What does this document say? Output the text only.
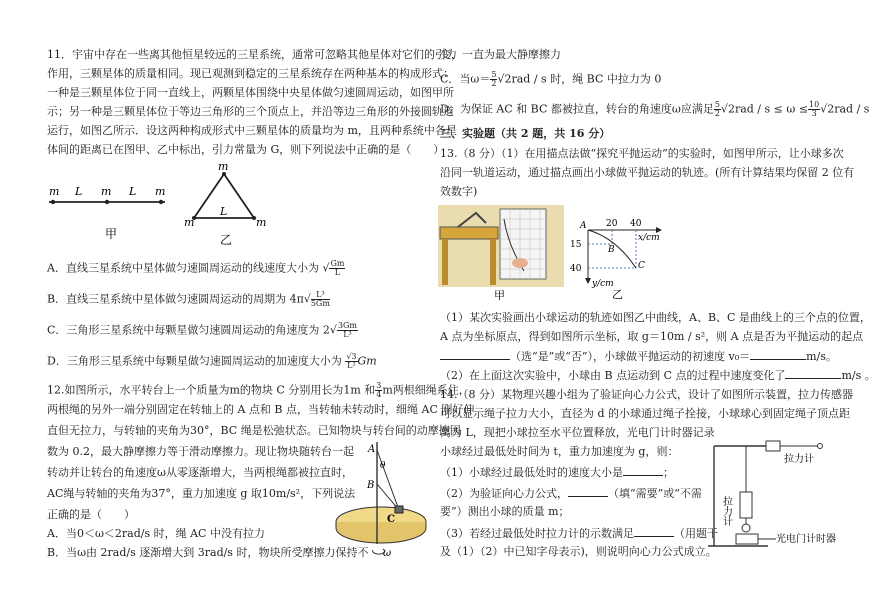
11．宇宙中存在一些离其他恒星较远的三星系统，通常可忽略其他星体对它们的引力
作用，三颗星体的质量相同。现已观测到稳定的三星系统存在两种基本的构成形式：
一种是三颗星体位于同一直线上，两颗星体围绕中央星体做匀速圆周运动，如图甲所
示；另一种是三颗星体位于等边三角形的三个顶点上，并沿等边三角形的外接圆轨道
运行，如图乙所示．设这两种构成形式中三颗星体的质量均为 m，且两种系统中各星
体间的距离已在图甲、乙中标出，引力常量为 G，则下列说法中正确的是（　　）
m L m L m
甲
m
m	m
L
乙
A．直线三星系统中星体做匀速圆周运动的线速度大小为 √ $\frac{Gm}{L}$
B．直线三星系统中星体做匀速圆周运动的周期为 $4\pi√ \frac{\text{L³}}{5Gm}$
C．三角形三星系统中每颗星做匀速圆周运动的角速度为 $2√ \frac{3Gm}{\text{L³}}$
D．三角形三星系统中每颗星做匀速圆周运动的加速度大小为 $\frac{√3}{\text{L²}}$ Gm
12.如图所示，水平转台上一个质量为m的物块 C 分别用长为1m 和 $\frac{3}{4}$ m两根细绳系住，
两根绳的另外一端分别固定在转轴上的 A 点和 B 点，当转轴未转动时，细绳 AC 刚好伸
直但无拉力，与转轴的夹角为30°，BC 绳是松弛状态。已知物块与转台间的动摩擦因
数为 0.2，最大静摩擦力等于滑动摩擦力。现让物块随转台一起
转动并让转台的角速度ω从零逐渐增大，当两根绳都被拉直时，
AC绳与转轴的夹角为37°，重力加速度 g 取10m/s²，下列说法
正确的是（　　）
A．当0＜ω＜2rad/s 时，绳 AC 中没有拉力
B．当ω由 2rad/s 逐渐增大到 3rad/s 时，物块所受摩擦力保持不
A
θ
B
C
ω
变，一直为最大静摩擦力
C．当$\omega= \frac{5}{2} √2rad / s$ 时，绳 BC 中拉力为 0
D．为保证 AC 和 BC 都被拉直，转台的角速度ω应满足 $\frac{5}{2} √2rad / s \le \omega \le \frac{10}{3} √2rad / s$
三、实验题（共 2 题，共 16 分）
13.（8 分）（1）在用描点法做“探究平抛运动”的实验时，如图甲所示，让小球多次
沿同一轨道运动，通过描点画出小球做平抛运动的轨迹。(所有计算结果均保留 2 位有
效数字)
甲
A
B
C
20 40
15
40
x/cm
y/cm
乙
（1）某次实验画出小球运动的轨迹如图乙中曲线，A、B、C 是曲线上的三个点的位置，
A 点为坐标原点，得到如图所示坐标，取 g＝10m / s²，则 A 点是否为平抛运动的起点
（选“是”或“否”），小球做平抛运动的初速度 v₀＝	m/s。
（2）在上面这次实验中，小球由 B 点运动到 C 点的过程中速度变化了	m/s 。
14.（8 分）某物理兴趣小组为了验证向心力公式，设计了如图所示装置，拉力传感器
可以显示绳子拉力大小，直径为 d 的小球通过绳子拴接，小球球心到固定绳子顶点距
离为 L，现把小球拉至水平位置释放，光电门计时器记录
小球经过最低处时间为 t，重力加速度为 g，则：
（1）小球经过最低处时的速度大小是	；
（2）为验证向心力公式，	（填“需要”或“不需
要”）测出小球的质量 m；
（3）若经过最低处时拉力计的示数满足	（用题干
及（1）（2）中已知字母表示)，则说明向心力公式成立。
拉力计
拉力计
光电门计时器
